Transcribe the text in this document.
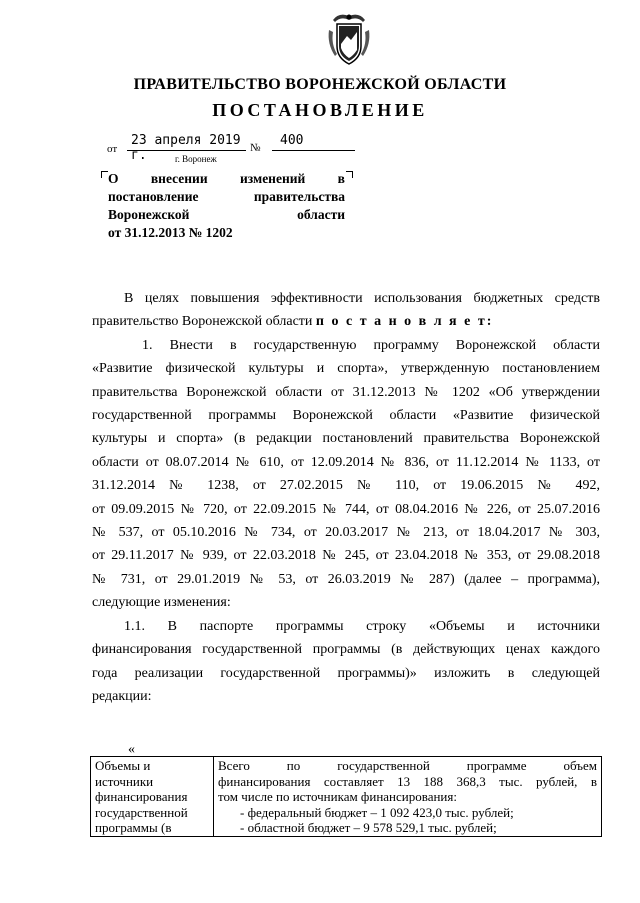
ПРАВИТЕЛЬСТВО ВОРОНЕЖСКОЙ ОБЛАСТИ
ПОСТАНОВЛЕНИЕ
от
23 апреля 2019 г.	№	400
г. Воронеж
О внесении изменений в
постановление	правительства
Воронежской	области
от 31.12.2013 № 1202

В целях повышения эффективности использования бюджетных средств

правительство Воронежской области п о с т а н о в л я е т:

1. Внести в государственную программу Воронежской области

«Развитие физической культуры и спорта», утвержденную постановлением

правительства Воронежской области от 31.12.2013 № 1202 «Об утверждении

государственной программы Воронежской области «Развитие физической

культуры и спорта» (в редакции постановлений правительства Воронежской

области от 08.07.2014 № 610, от 12.09.2014 № 836, от 11.12.2014 № 1133, от

31.12.2014 № 1238, от 27.02.2015 № 110, от 19.06.2015 № 492,

от 09.09.2015 № 720, от 22.09.2015 № 744, от 08.04.2016 № 226, от 25.07.2016

№ 537, от 05.10.2016 № 734, от 20.03.2017 № 213, от 18.04.2017 № 303,

от 29.11.2017 № 939, от 22.03.2018 № 245, от 23.04.2018 № 353, от 29.08.2018

№ 731, от 29.01.2019 № 53, от 26.03.2019 № 287) (далее – программа),

следующие изменения:

1.1. В паспорте программы строку «Объемы и источники

финансирования государственной программы (в действующих ценах каждого

года реализации государственной программы)» изложить в следующей

редакции:

«
Объемы и
источники
финансирования
государственной
программы (в

Всего по государственной программе объем
финансирования составляет 13 188 368,3 тыс. рублей, в
том числе по источникам финансирования:
- федеральный бюджет – 1 092 423,0 тыс. рублей;
- областной бюджет – 9 578 529,1 тыс. рублей;
